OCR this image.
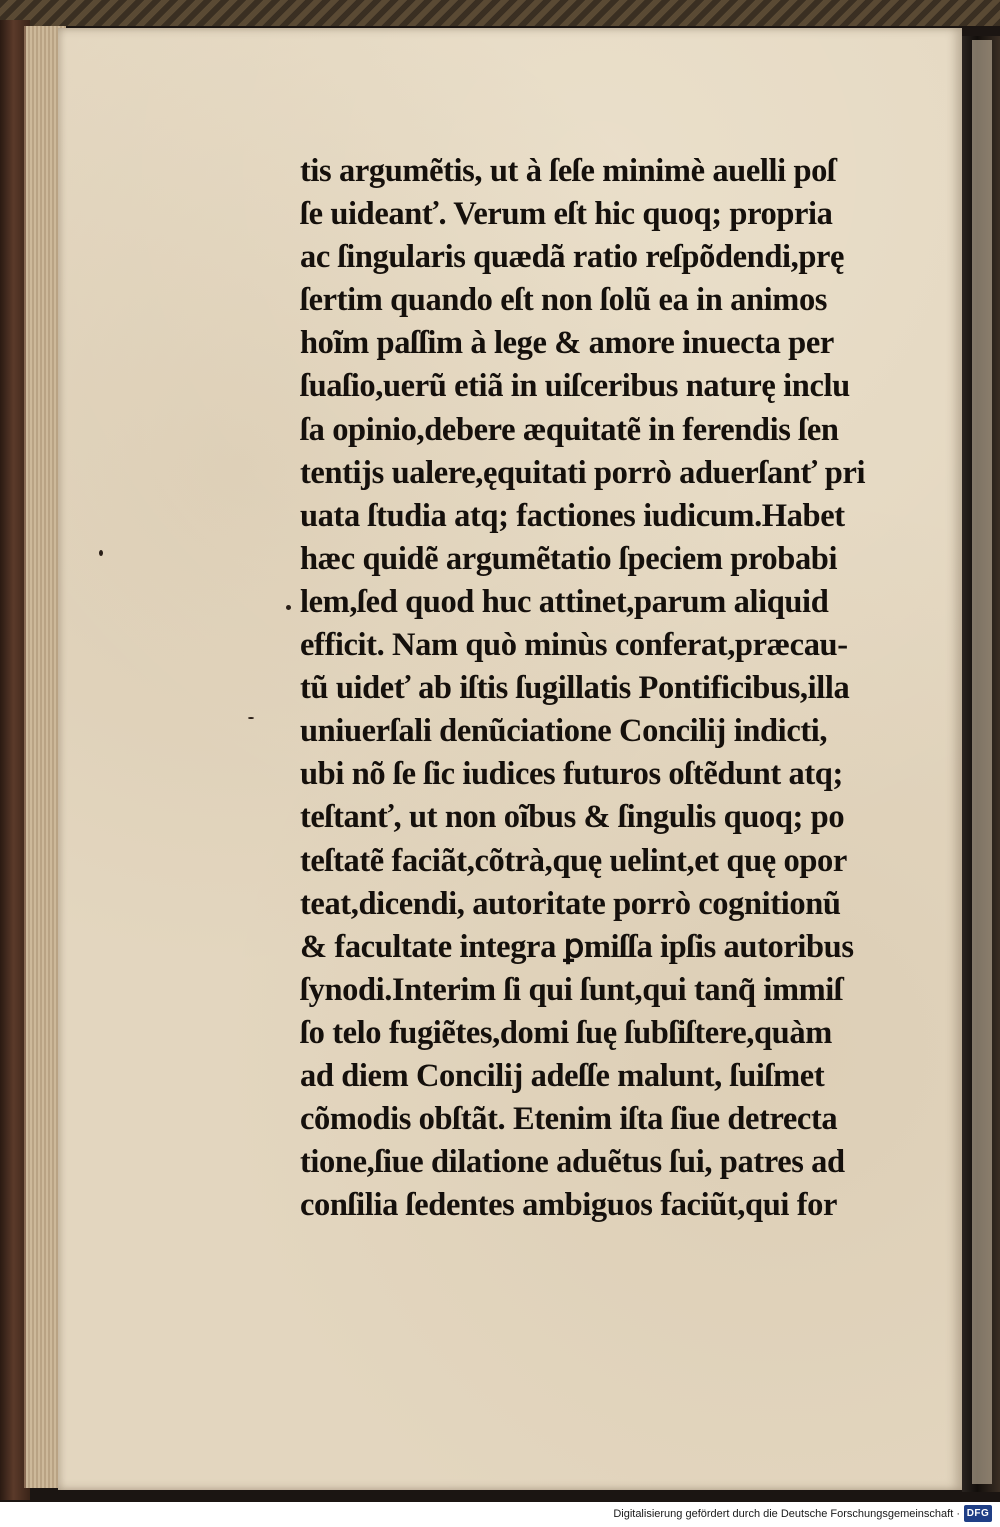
tis argumẽtis, ut à ſeſe minimè auelli poſ
ſe uideanť. Verum eſt hic quoq; propria
ac ſingularis quædã ratio reſpõdendi,prę
ſertim quando eſt non ſolũ ea in animos
hoĩm paſſim à lege & amore inuecta per
ſuaſio,uerũ etiã in uiſceribus naturę inclu
ſa opinio,debere æquitatẽ in ferendis ſen
tentijs ualere,ęquitati porrò aduerſanť pri
uata ſtudia atq; factiones iudicum.Habet
hæc quidẽ argumẽtatio ſpeciem probabi
lem,ſed quod huc attinet,parum aliquid
efficit. Nam quò minùs conferat,præcau-
tũ uideť ab iſtis ſugillatis Pontificibus,illa
uniuerſali denũciatione Concilij indicti,
ubi nõ ſe ſic iudices futuros oſtẽdunt atq;
teſtanť, ut non oĩbus & ſingulis quoq; po
teſtatẽ faciãt,cõtrà,quę uelint,et quę opor
teat,dicendi, autoritate porrò cognitionũ
& facultate integra ꝑmiſſa ipſis autoribus
ſynodi.Interim ſi qui ſunt,qui tanq̃ immiſ
ſo telo fugiẽtes,domi ſuę ſubſiſtere,quàm
ad diem Concilij adeſſe malunt, ſuiſmet
cõmodis obſtãt. Etenim iſta ſiue detrecta
tione,ſiue dilatione aduẽtus ſui, patres ad
conſilia ſedentes ambiguos faciũt,qui for
Digitalisierung gefördert durch die Deutsche Forschungsgemeinschaft · DFG
